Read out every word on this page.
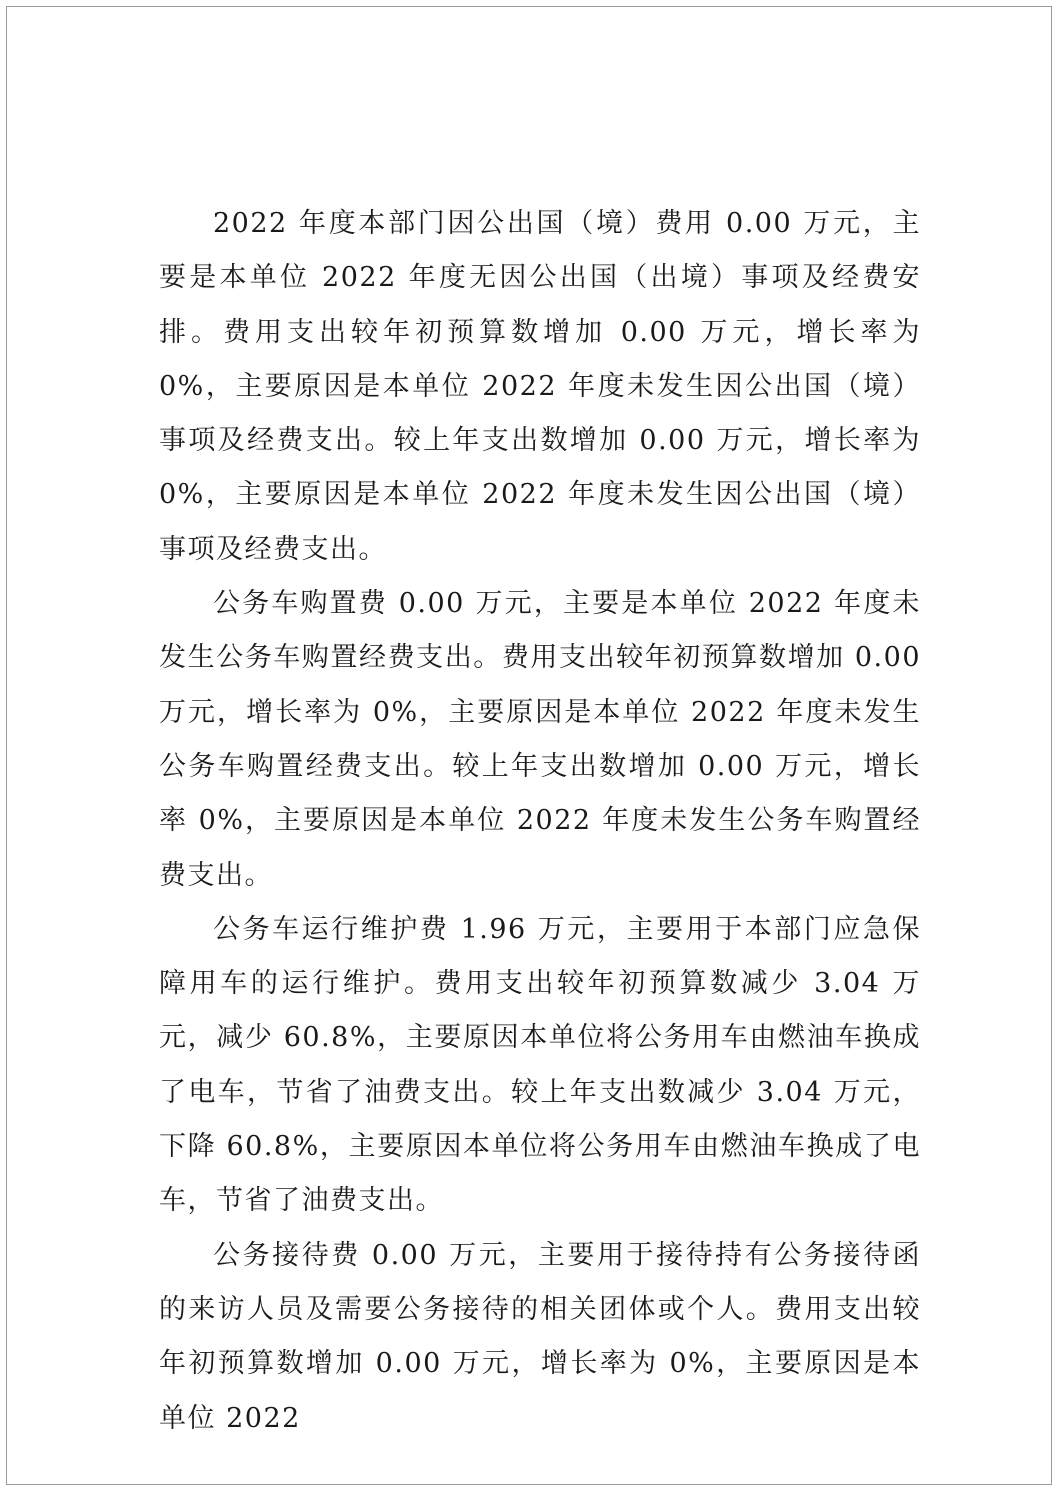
2022 年度本部门因公出国（境）费用 0.00 万元，主要是本单位 2022 年度无因公出国（出境）事项及经费安排。费用支出较年初预算数增加 0.00 万元，增长率为 0%，主要原因是本单位 2022 年度未发生因公出国（境）事项及经费支出。较上年支出数增加 0.00 万元，增长率为 0%，主要原因是本单位 2022 年度未发生因公出国（境）事项及经费支出。

公务车购置费 0.00 万元，主要是本单位 2022 年度未发生公务车购置经费支出。费用支出较年初预算数增加 0.00 万元，增长率为 0%，主要原因是本单位 2022 年度未发生公务车购置经费支出。较上年支出数增加 0.00 万元，增长率 0%，主要原因是本单位 2022 年度未发生公务车购置经费支出。

公务车运行维护费 1.96 万元，主要用于本部门应急保障用车的运行维护。费用支出较年初预算数减少 3.04 万元，减少 60.8%，主要原因本单位将公务用车由燃油车换成了电车，节省了油费支出。较上年支出数减少 3.04 万元，下降 60.8%，主要原因本单位将公务用车由燃油车换成了电车，节省了油费支出。

公务接待费 0.00 万元，主要用于接待持有公务接待函的来访人员及需要公务接待的相关团体或个人。费用支出较年初预算数增加 0.00 万元，增长率为 0%，主要原因是本单位 2022
